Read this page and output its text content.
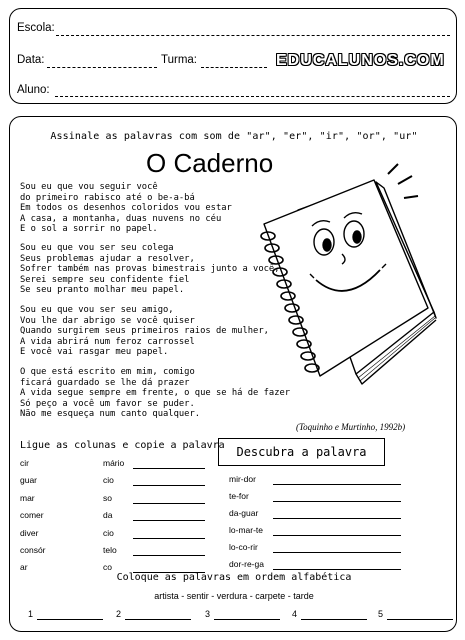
Escola:
Data:	Turma:	EDUCALUNOS.COM
Aluno:
Assinale as palavras com som de "ar", "er", "ir", "or", "ur"
O Caderno
Sou eu que vou seguir você
do primeiro rabisco até o be-a-bá
Em todos os desenhos coloridos vou estar
A casa, a montanha, duas nuvens no céu
E o sol a sorrir no papel.
Sou eu que vou ser seu colega
Seus problemas ajudar a resolver,
Sofrer também nas provas bimestrais junto a você,
Serei sempre seu confidente fiel
Se seu pranto molhar meu papel.
Sou eu que vou ser seu amigo,
Vou lhe dar abrigo se você quiser
Quando surgirem seus primeiros raios de mulher,
A vida abrirá num feroz carrossel
E você vai rasgar meu papel.
O que está escrito em mim, comigo
ficará guardado se lhe dá prazer
A vida segue sempre em frente, o que se há de fazer
Só peço a você um favor se puder.
Não me esqueça num canto qualquer.
(Toquinho e Murtinho, 1992b)
Ligue as colunas e copie a palavra
cir	mário
guar	cio
mar	so
comer	da
diver	cio
consór	telo
ar	co
Descubra a palavra
mir-dor
te-for
da-guar
lo-mar-te
lo-co-rir
dor-re-ga
Coloque as palavras em ordem alfabética
artista - sentir - verdura - carpete - tarde
1	2	3	4	5
